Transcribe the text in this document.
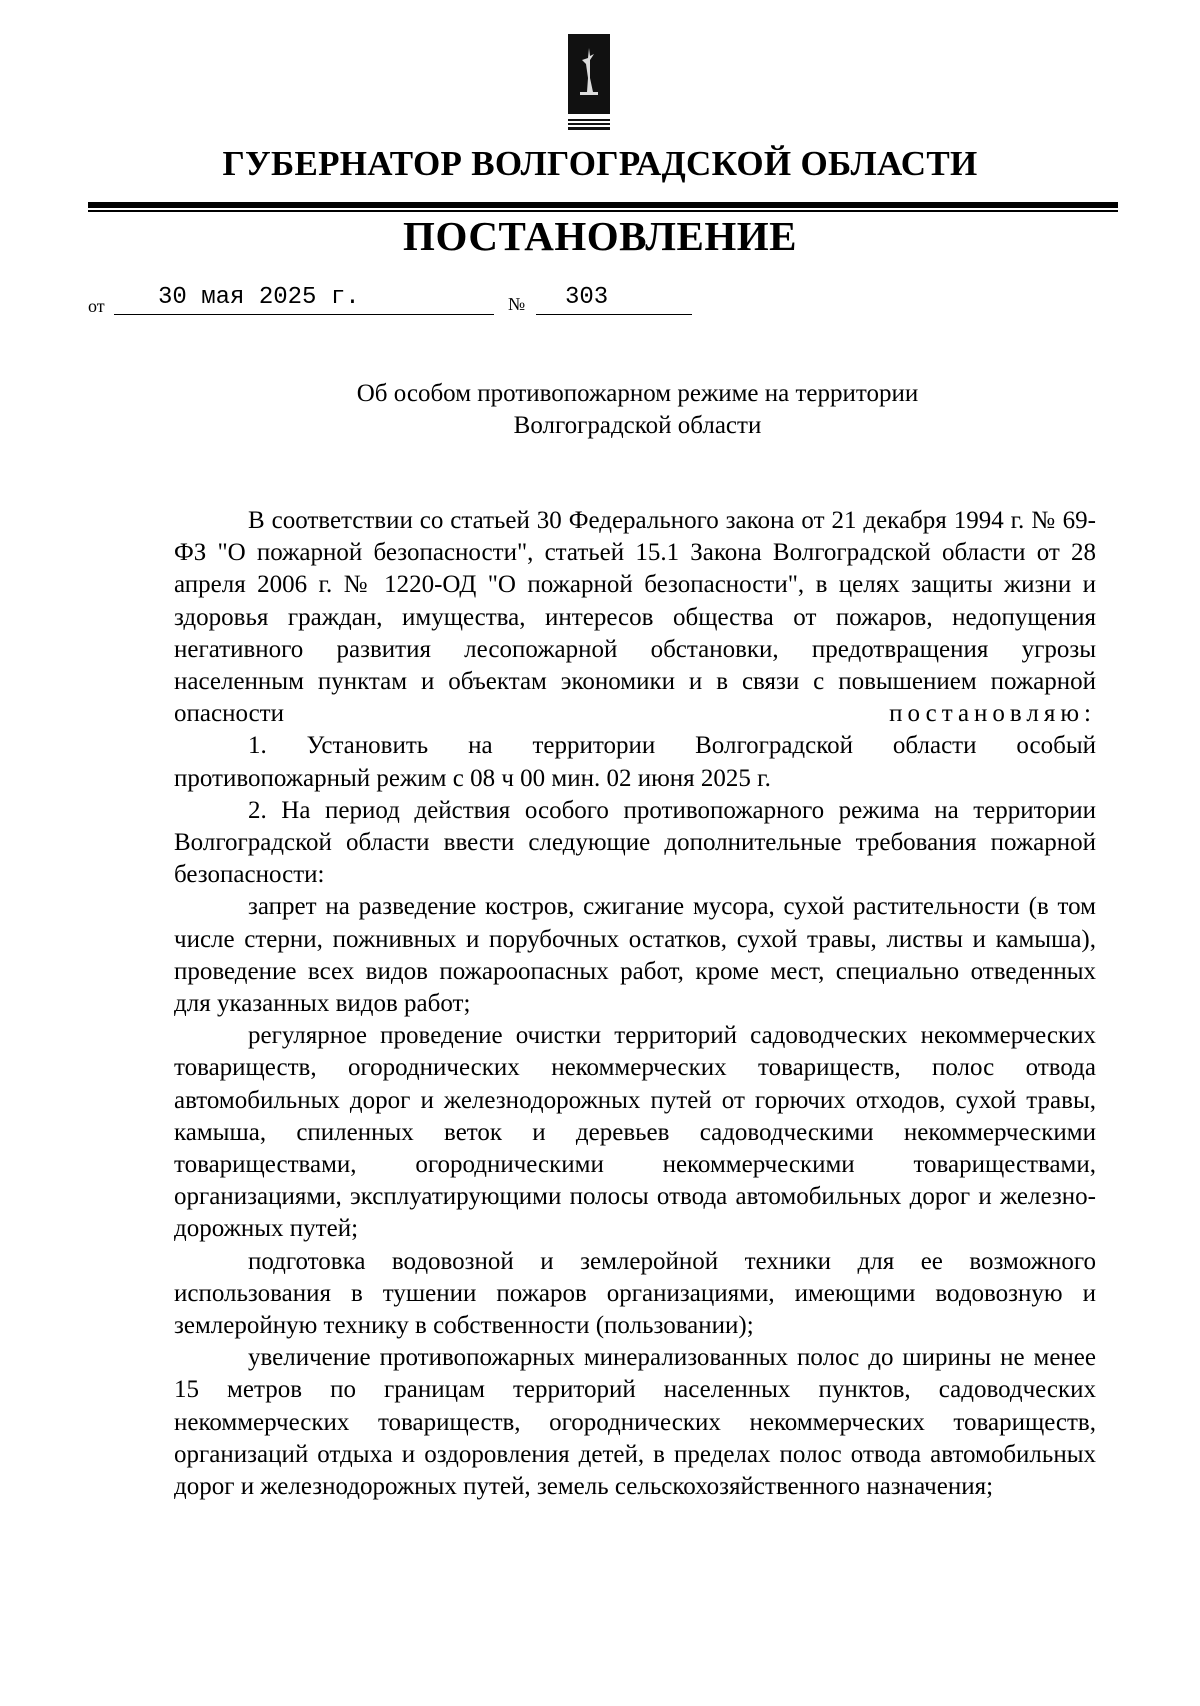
ГУБЕРНАТОР ВОЛГОГРАДСКОЙ ОБЛАСТИ
ПОСТАНОВЛЕНИЕ
от 30 мая 2025 г.	№ 303
Об особом противопожарном режиме на территории
Волгоградской области

В соответствии со статьей 30 Федерального закона от 21 декабря 1994 г. № 69-ФЗ "О пожарной безопасности", статьей 15.1 Закона Волгоградской области от 28 апреля 2006 г. № 1220-ОД "О пожарной безопасности", в целях защиты жизни и здоровья граждан, имущества, интересов общества от пожаров, недопущения негативного развития лесопожарной обстановки, предотвращения угрозы населенным пунктам и объектам экономики и в связи с повышением пожарной опасности	постановляю:

1. Установить на территории Волгоградской области особый противопожарный режим с 08 ч 00 мин. 02 июня 2025 г.

2. На период действия особого противопожарного режима на территории Волгоградской области ввести следующие дополнительные требования пожарной безопасности:

запрет на разведение костров, сжигание мусора, сухой растительности (в том числе стерни, пожнивных и порубочных остатков, сухой травы, листвы и камыша), проведение всех видов пожароопасных работ, кроме мест, специально отведенных для указанных видов работ;

регулярное проведение очистки территорий садоводческих некоммерческих товариществ, огороднических некоммерческих товариществ, полос отвода автомобильных дорог и железнодорожных путей от горючих отходов, сухой травы, камыша, спиленных веток и деревьев садоводческими некоммерческими товариществами, огородническими некоммерческими товариществами, организациями, эксплуатирующими полосы отвода автомобильных дорог и железно-дорожных путей;

подготовка водовозной и землеройной техники для ее возможного использования в тушении пожаров организациями, имеющими водовозную и землеройную технику в собственности (пользовании);

увеличение противопожарных минерализованных полос до ширины не менее 15 метров по границам территорий населенных пунктов, садоводческих некоммерческих товариществ, огороднических некоммерческих товариществ, организаций отдыха и оздоровления детей, в пределах полос отвода автомобильных дорог и железнодорожных путей, земель сельскохозяйственного назначения;
